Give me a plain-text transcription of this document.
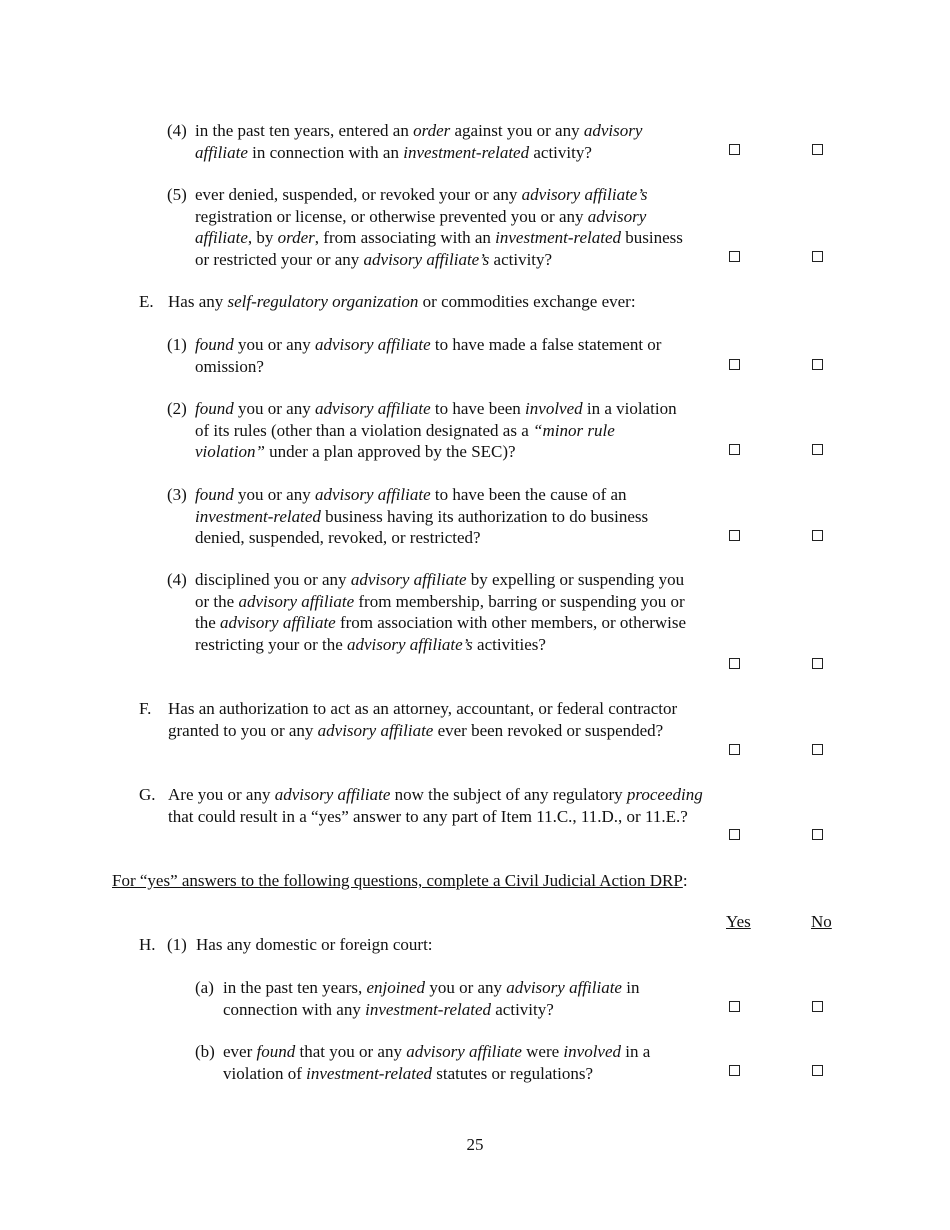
(4) in the past ten years, entered an order against you or any advisory affiliate in connection with an investment-related activity?
(5) ever denied, suspended, or revoked your or any advisory affiliate’s registration or license, or otherwise prevented you or any advisory affiliate, by order, from associating with an investment-related business or restricted your or any advisory affiliate’s activity?
E. Has any self-regulatory organization or commodities exchange ever:
(1) found you or any advisory affiliate to have made a false statement or omission?
(2) found you or any advisory affiliate to have been involved in a violation of its rules (other than a violation designated as a “minor rule violation” under a plan approved by the SEC)?
(3) found you or any advisory affiliate to have been the cause of an investment-related business having its authorization to do business denied, suspended, revoked, or restricted?
(4) disciplined you or any advisory affiliate by expelling or suspending you or the advisory affiliate from membership, barring or suspending you or the advisory affiliate from association with other members, or otherwise restricting your or the advisory affiliate’s activities?
F. Has an authorization to act as an attorney, accountant, or federal contractor granted to you or any advisory affiliate ever been revoked or suspended?
G. Are you or any advisory affiliate now the subject of any regulatory proceeding that could result in a “yes” answer to any part of Item 11.C., 11.D., or 11.E.?
For “yes” answers to the following questions, complete a Civil Judicial Action DRP:
Yes	No
H. (1) Has any domestic or foreign court:
(a) in the past ten years, enjoined you or any advisory affiliate in connection with any investment-related activity?
(b) ever found that you or any advisory affiliate were involved in a violation of investment-related statutes or regulations?
25
